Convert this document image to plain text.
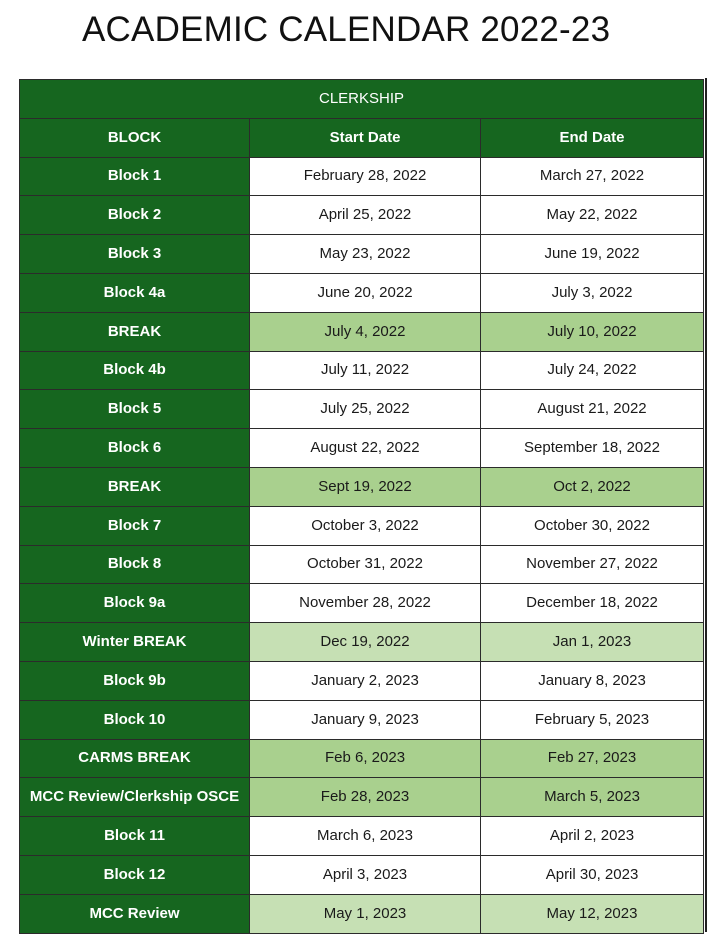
ACADEMIC CALENDAR 2022-23
CLERKSHIP		
BLOCK	Start Date	End Date
Block 1	February 28, 2022	March 27, 2022
Block 2	April 25, 2022	May 22, 2022
Block 3	May 23, 2022	June 19, 2022
Block 4a	June 20, 2022	July 3, 2022
BREAK	July 4, 2022	July 10, 2022
Block 4b	July 11, 2022	July 24, 2022
Block 5	July 25, 2022	August 21, 2022
Block 6	August 22, 2022	September 18, 2022
BREAK	Sept 19, 2022	Oct 2, 2022
Block 7	October 3, 2022	October 30, 2022
Block 8	October 31, 2022	November 27, 2022
Block 9a	November 28, 2022	December 18, 2022
Winter BREAK	Dec 19, 2022	Jan 1, 2023
Block 9b	January 2, 2023	January 8, 2023
Block 10	January 9, 2023	February 5, 2023
CARMS BREAK	Feb 6, 2023	Feb 27, 2023
MCC Review/Clerkship OSCE	Feb 28, 2023	March 5, 2023
Block 11	March 6, 2023	April 2, 2023
Block 12	April 3, 2023	April 30, 2023
MCC Review	May 1, 2023	May 12, 2023
